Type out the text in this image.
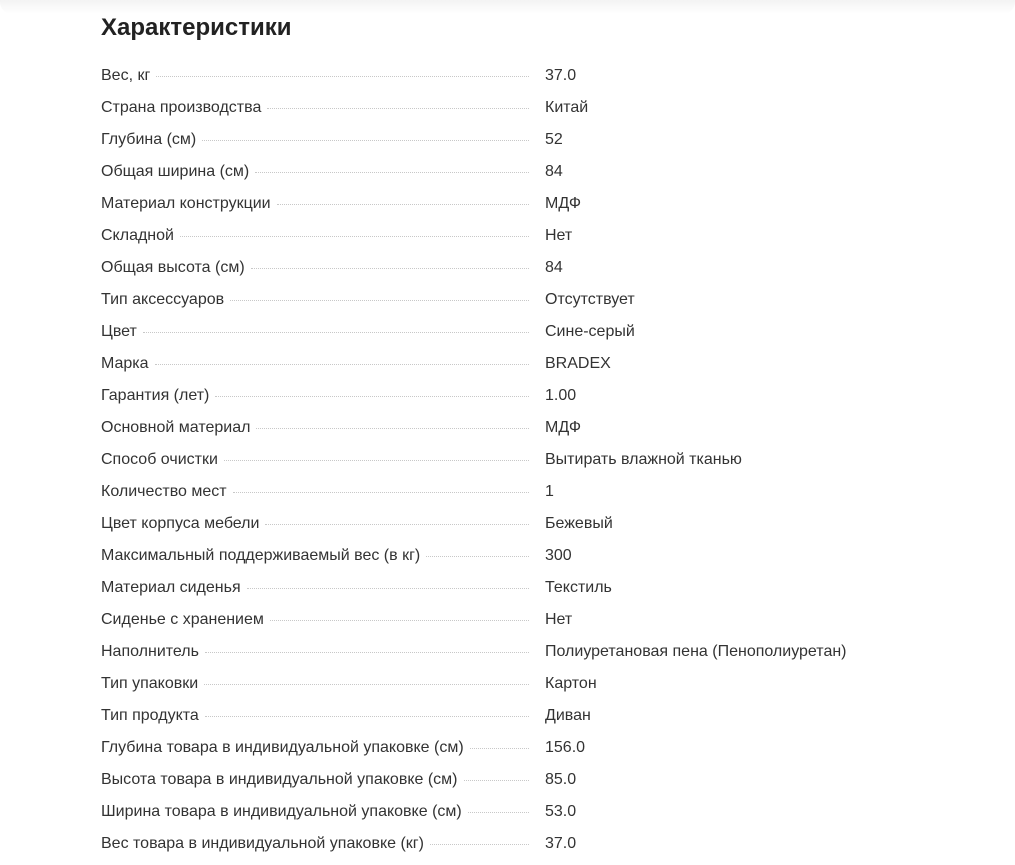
Характеристики
Вес, кг	37.0
Страна производства	Китай
Глубина (см)	52
Общая ширина (см)	84
Материал конструкции	МДФ
Складной	Нет
Общая высота (см)	84
Тип аксессуаров	Отсутствует
Цвет	Сине-серый
Марка	BRADEX
Гарантия (лет)	1.00
Основной материал	МДФ
Способ очистки	Вытирать влажной тканью
Количество мест	1
Цвет корпуса мебели	Бежевый
Максимальный поддерживаемый вес (в кг)	300
Материал сиденья	Текстиль
Сиденье с хранением	Нет
Наполнитель	Полиуретановая пена (Пенополиуретан)
Тип упаковки	Картон
Тип продукта	Диван
Глубина товара в индивидуальной упаковке (см)	156.0
Высота товара в индивидуальной упаковке (см)	85.0
Ширина товара в индивидуальной упаковке (см)	53.0
Вес товара в индивидуальной упаковке (кг)	37.0
